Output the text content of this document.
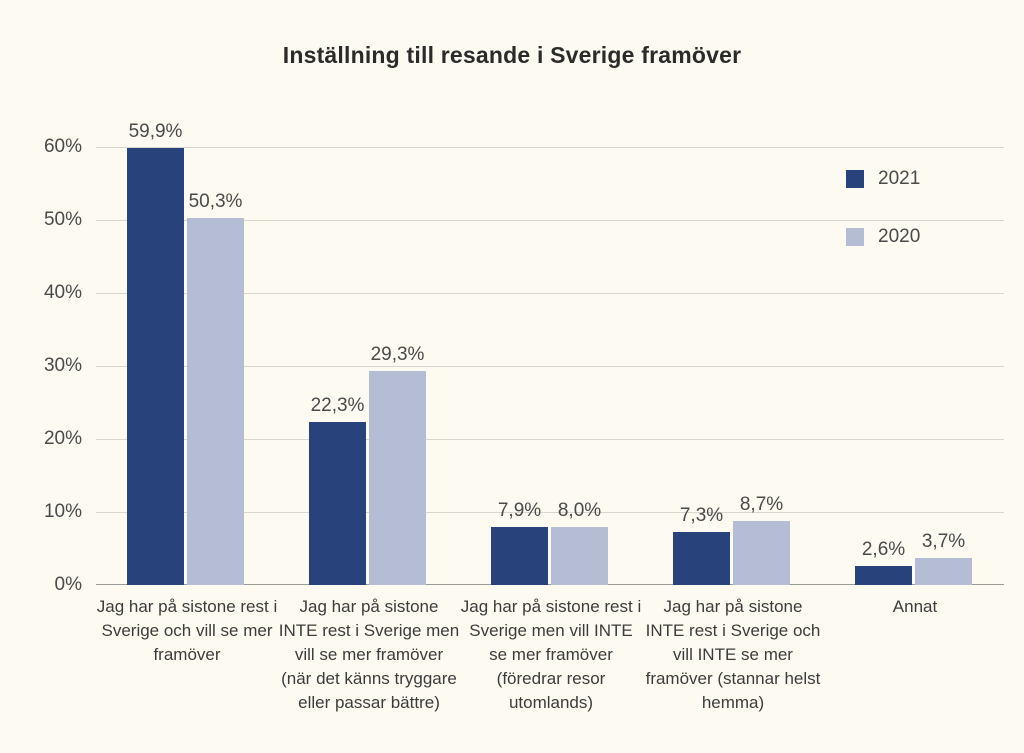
Inställning till resande i Sverige framöver
0%
10%
20%
30%
40%
50%
60%
59,9%
50,3%
22,3%
29,3%
7,9% 8,0%	7,3%
8,7%
2,6% 3,7%
Jag har på sistone rest i Sverige och vill se mer framöver
Jag har på sistone INTE rest i Sverige men vill se mer framöver (när det känns tryggare eller passar bättre)
Jag har på sistone rest i Sverige men vill INTE se mer framöver (föredrar resor utomlands)
Jag har på sistone INTE rest i Sverige och vill INTE se mer framöver (stannar helst hemma)
Annat
2021
2020
